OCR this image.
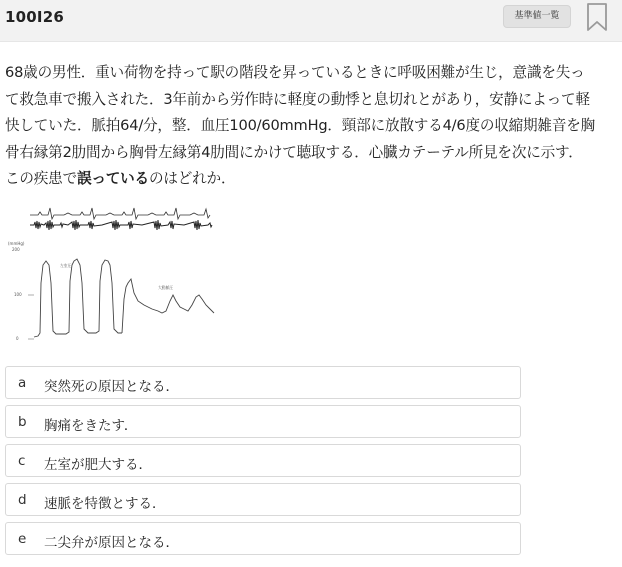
100I26	基準値一覧
68歳の男性．重い荷物を持って駅の階段を昇っているときに呼吸困難が生じ，意識を失っ
て救急車で搬入された．3年前から労作時に軽度の動悸と息切れとがあり，安静によって軽
快していた．脈拍64/分，整．血圧100/60mmHg．頸部に放散する4/6度の収縮期雑音を胸
骨右縁第2肋間から胸骨左縁第4肋間にかけて聴取する．心臓カテーテル所見を次に示す．
この疾患で誤っているのはどれか．
(mmHg)
200
100
0
左室圧
大動脈圧
a 突然死の原因となる．
b 胸痛をきたす．
c 左室が肥大する．
d 速脈を特徴とする．
e 二尖弁が原因となる．
